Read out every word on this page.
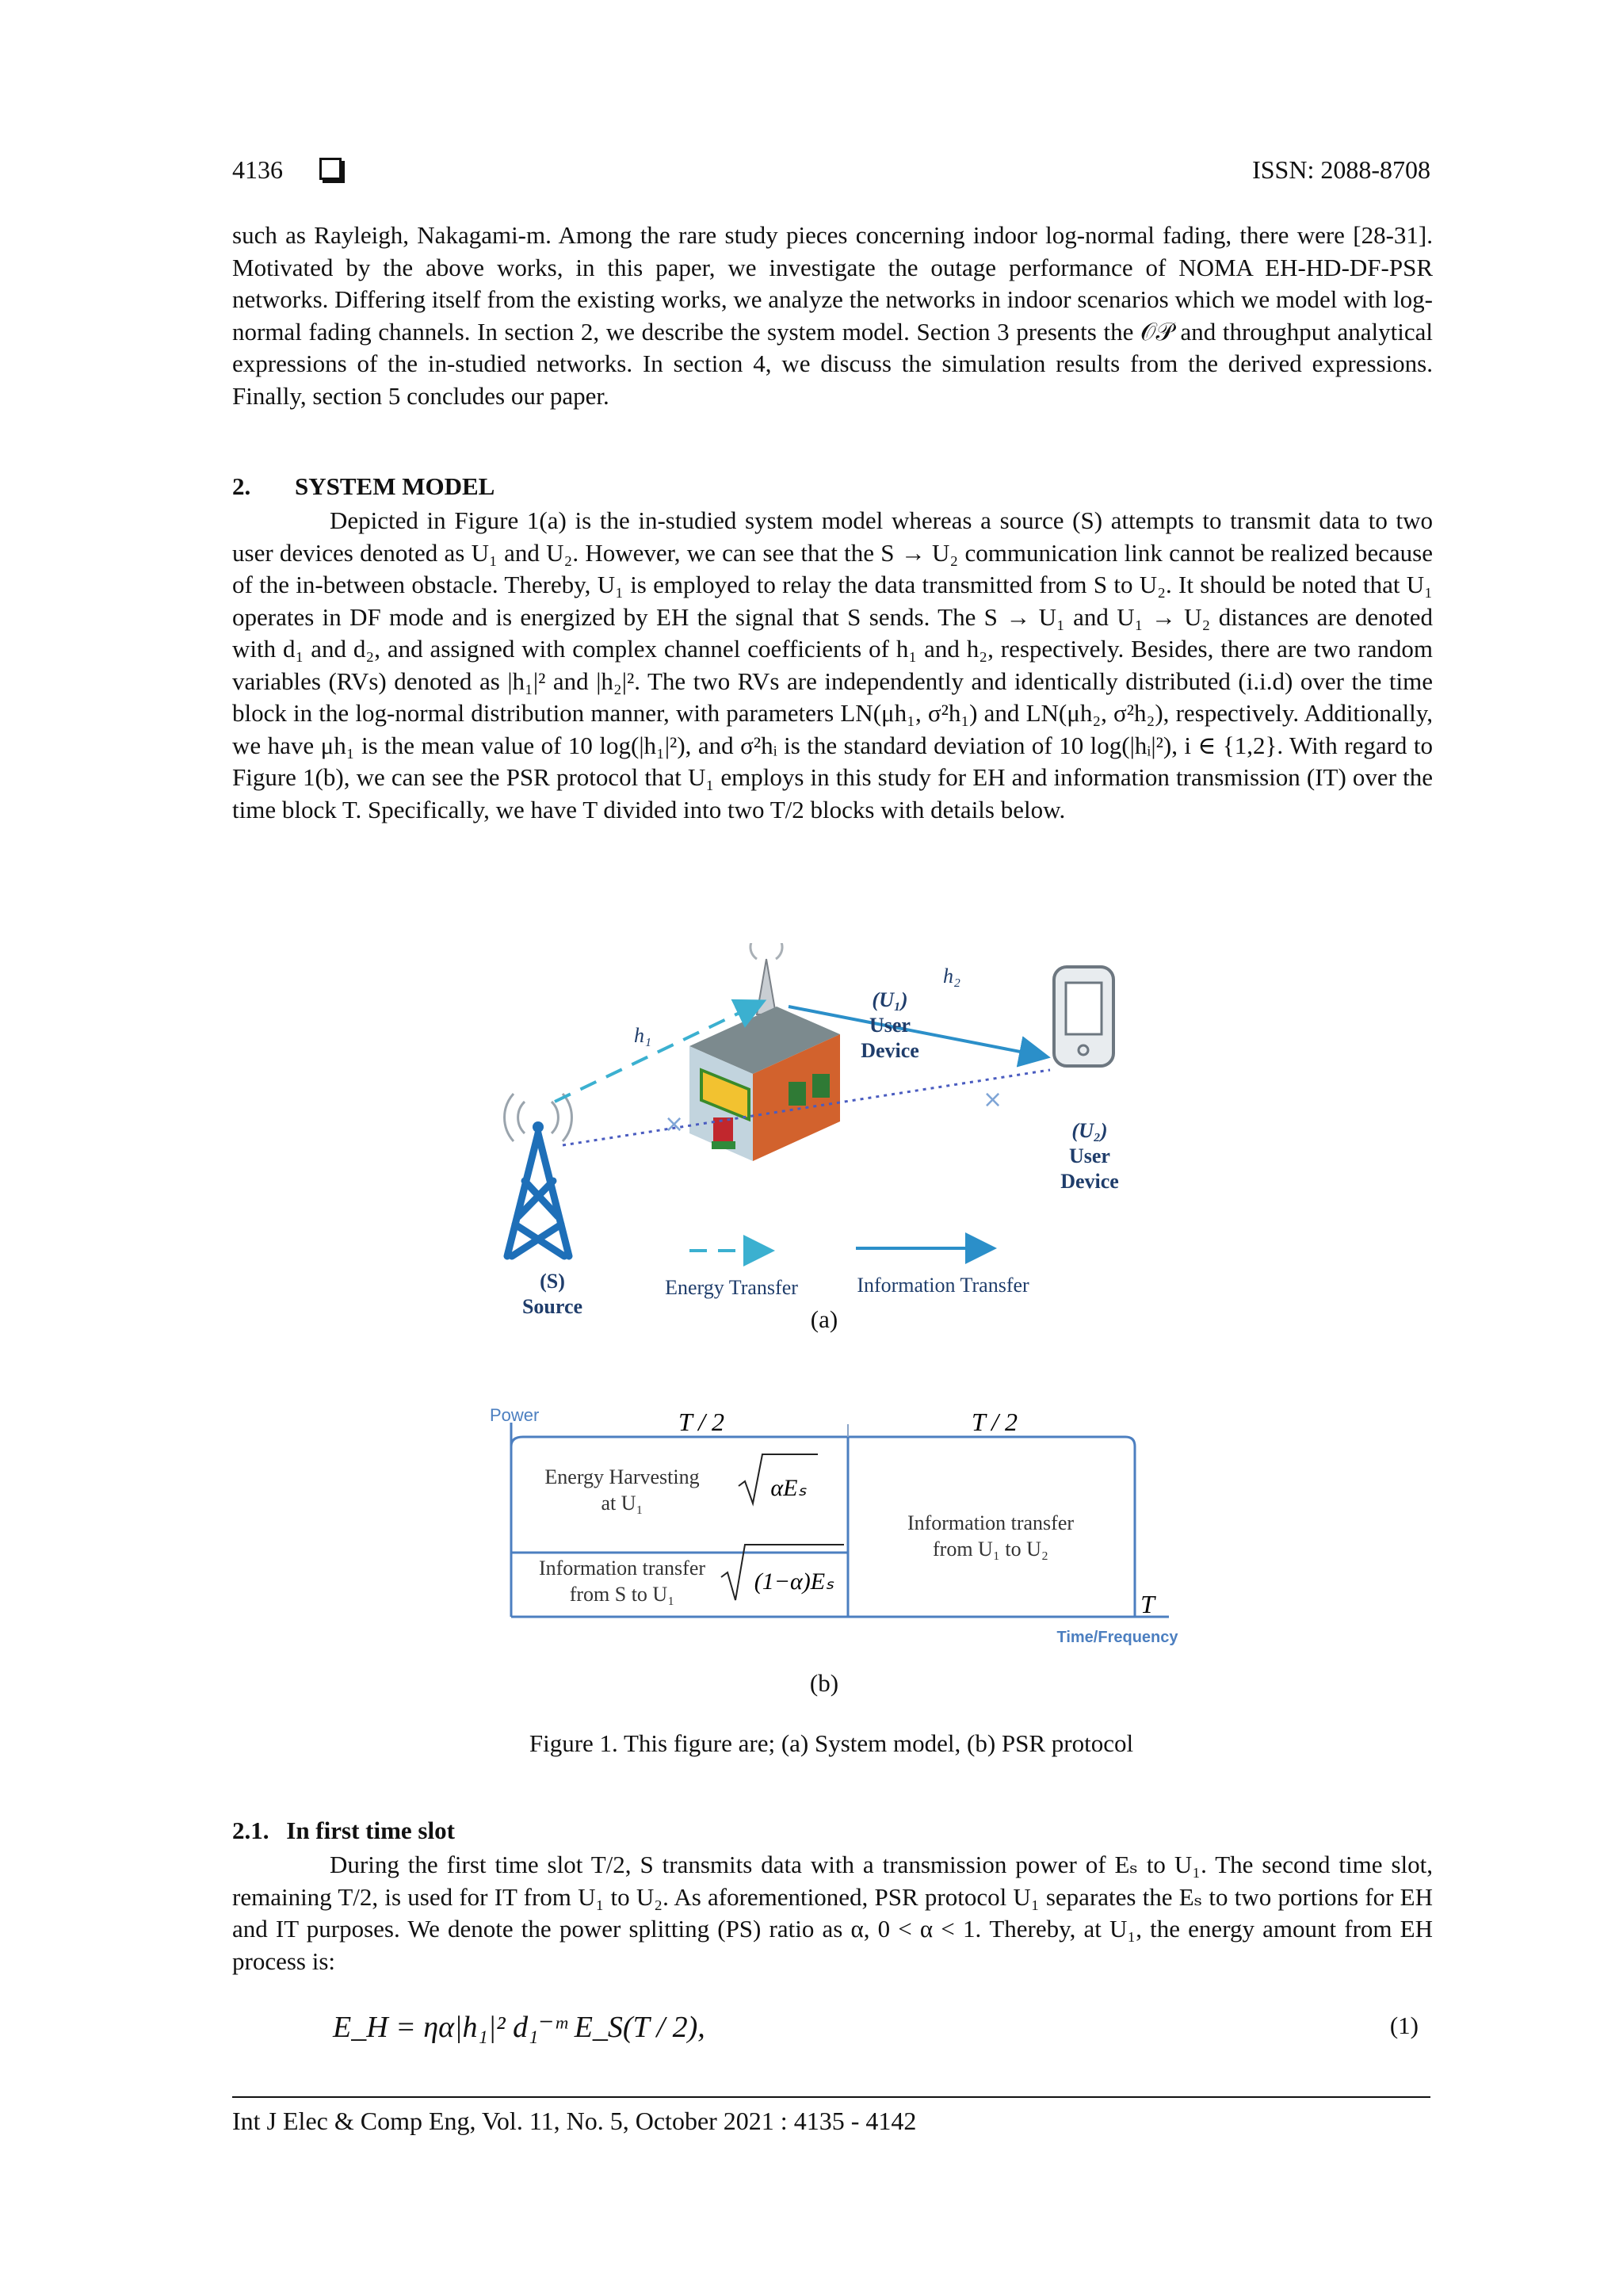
4136	ISSN: 2088-8708

such as Rayleigh, Nakagami-m. Among the rare study pieces concerning indoor log-normal fading, there were [28-31]. Motivated by the above works, in this paper, we investigate the outage performance of NOMA EH-HD-DF-PSR networks. Differing itself from the existing works, we analyze the networks in indoor scenarios which we model with log-normal fading channels. In section 2, we describe the system model. Section 3 presents the 𝒪𝒫 and throughput analytical expressions of the in-studied networks. In section 4, we discuss the simulation results from the derived expressions. Finally, section 5 concludes our paper.

2. SYSTEM MODEL

Depicted in Figure 1(a) is the in-studied system model whereas a source (S) attempts to transmit data to two user devices denoted as U₁ and U₂. However, we can see that the S → U₂ communication link cannot be realized because of the in-between obstacle. Thereby, U₁ is employed to relay the data transmitted from S to U₂. It should be noted that U₁ operates in DF mode and is energized by EH the signal that S sends. The S → U₁ and U₁ → U₂ distances are denoted with d₁ and d₂, and assigned with complex channel coefficients of h₁ and h₂, respectively. Besides, there are two random variables (RVs) denoted as |h₁|² and |h₂|². The two RVs are independently and identically distributed (i.i.d) over the time block in the log-normal distribution manner, with parameters LN(μh₁, σ²h₁) and LN(μh₂, σ²h₂), respectively. Additionally, we have μh₁ is the mean value of 10 log(|h₁|²), and σ²hᵢ is the standard deviation of 10 log(|hᵢ|²), i ∈ {1,2}. With regard to Figure 1(b), we can see the PSR protocol that U₁ employs in this study for EH and information transmission (IT) over the time block T. Specifically, we have T divided into two T/2 blocks with details below.

×
×
h₁
h₂
(U₁)
User
Device
(U₂)
User
Device
(S)
Source
Energy Transfer	Information Transfer
(a)
Power	T / 2	T / 2
Energy Harvesting
at U₁
Information transfer
from S to U₁
Information transfer
from U₁ to U₂
αEₛ
(1−α)Eₛ
T
Time/Frequency
(b)
Figure 1. This figure are; (a) System model, (b) PSR protocol
2.1. In first time slot

During the first time slot T/2, S transmits data with a transmission power of Eₛ to U₁. The second time slot, remaining T/2, is used for IT from U₁ to U₂. As aforementioned, PSR protocol U₁ separates the Eₛ to two portions for EH and IT purposes. We denote the power splitting (PS) ratio as α, 0 < α < 1. Thereby, at U₁, the energy amount from EH process is:

E_H = ηα|h₁|² d₁⁻ᵐ E_S(T / 2),	(1)
Int J Elec & Comp Eng, Vol. 11, No. 5, October 2021 : 4135 - 4142
